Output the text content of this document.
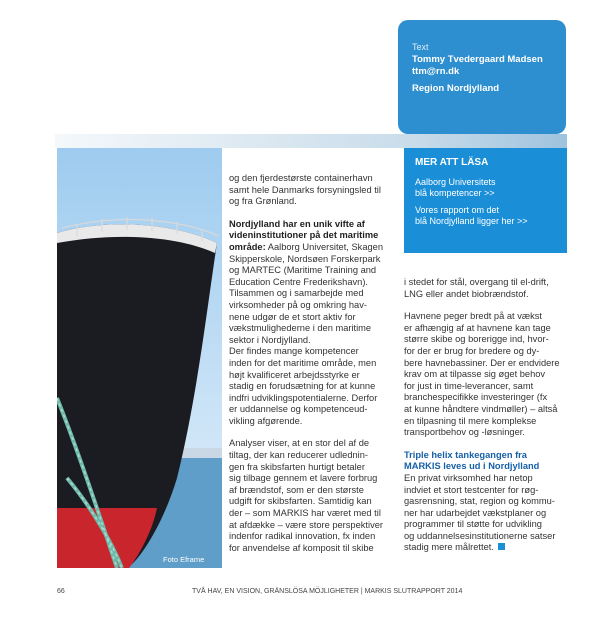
Foto Eframe
Text
Tommy Tvedergaard Madsen
ttm@rn.dk
Region Nordjylland
MER ATT LÄSA
Aalborg Universitets
blå kompetencer >>
Vores rapport om det
blå Nordjylland ligger her >>

og den fjerdestørste containerhavn
samt hele Danmarks forsyningsled til
og fra Grønland.

Nordjylland har en unik vifte af
videninstitutioner på det maritime
område: Aalborg Universitet, Skagen
Skipperskole, Nordsøen Forskerpark
og MARTEC (Maritime Training and
Education Centre Frederikshavn).
Tilsammen og i samarbejde med
virksomheder på og omkring hav-
nene udgør de et stort aktiv for
vækstmulighederne i den maritime
sektor i Nordjylland.
Der findes mange kompetencer
inden for det maritime område, men
højt kvalificeret arbejdsstyrke er
stadig en forudsætning for at kunne
indfri udviklingspotentialerne. Derfor
er uddannelse og kompetenceud-
vikling afgørende.

Analyser viser, at en stor del af de
tiltag, der kan reducerer udlednin-
gen fra skibsfarten hurtigt betaler
sig tilbage gennem et lavere forbrug
af brændstof, som er den største
udgift for skibsfarten. Samtidig kan
der – som MARKIS har været med til
at afdække – være store perspektiver
indenfor radikal innovation, fx inden
for anvendelse af komposit til skibe

i stedet for stål, overgang til el-drift,
LNG eller andet biobrændstof.

Havnene peger bredt på at vækst
er afhængig af at havnene kan tage
større skibe og borerigge ind, hvor-
for der er brug for bredere og dy-
bere havnebassiner. Der er endvidere
krav om at tilpasse sig øget behov
for just in time-leverancer, samt
branchespecifikke investeringer (fx
at kunne håndtere vindmøller) – altså
en tilpasning til mere komplekse
transportbehov og -løsninger.

Triple helix tankegangen fra
MARKIS leves ud i Nordjylland
En privat virksomhed har netop
indviet et stort testcenter for røg-
gasrensning, stat, region og kommu-
ner har udarbejdet vækstplaner og
programmer til støtte for udvikling
og uddannelsesinstitutionerne satser
stadig mere målrettet.

66	TVÅ HAV, EN VISION, GRÄNSLÖSA MÖJLIGHETER | MARKIS SLUTRAPPORT 2014
